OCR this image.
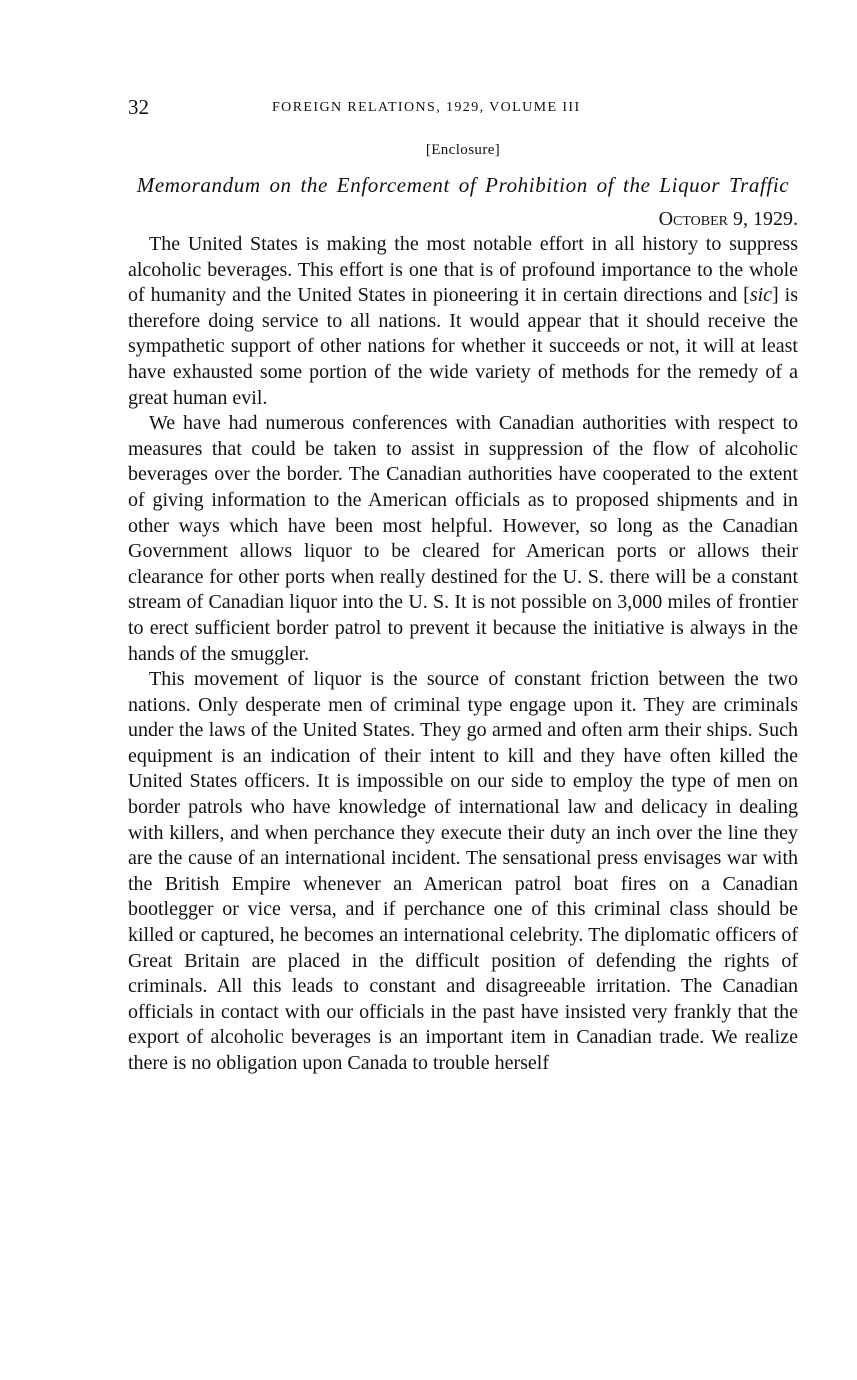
32	FOREIGN RELATIONS, 1929, VOLUME III
[Enclosure]
Memorandum on the Enforcement of Prohibition of the Liquor Traffic
October 9, 1929.

The United States is making the most notable effort in all history to suppress alcoholic beverages. This effort is one that is of profound importance to the whole of humanity and the United States in pioneering it in certain directions and [sic] is therefore doing service to all nations. It would appear that it should receive the sympathetic support of other nations for whether it succeeds or not, it will at least have exhausted some portion of the wide variety of methods for the remedy of a great human evil.

We have had numerous conferences with Canadian authorities with respect to measures that could be taken to assist in suppression of the flow of alcoholic beverages over the border. The Canadian authorities have cooperated to the extent of giving information to the American officials as to proposed shipments and in other ways which have been most helpful. However, so long as the Canadian Government allows liquor to be cleared for American ports or allows their clearance for other ports when really destined for the U. S. there will be a constant stream of Canadian liquor into the U. S. It is not possible on 3,000 miles of frontier to erect sufficient border patrol to prevent it because the initiative is always in the hands of the smuggler.

This movement of liquor is the source of constant friction between the two nations. Only desperate men of criminal type engage upon it. They are criminals under the laws of the United States. They go armed and often arm their ships. Such equipment is an indication of their intent to kill and they have often killed the United States officers. It is impossible on our side to employ the type of men on border patrols who have knowledge of international law and delicacy in dealing with killers, and when perchance they execute their duty an inch over the line they are the cause of an international incident. The sensational press envisages war with the British Empire whenever an American patrol boat fires on a Canadian bootlegger or vice versa, and if perchance one of this criminal class should be killed or captured, he becomes an international celebrity. The diplomatic officers of Great Britain are placed in the difficult position of defending the rights of criminals. All this leads to constant and disagreeable irritation. The Canadian officials in contact with our officials in the past have insisted very frankly that the export of alcoholic beverages is an important item in Canadian trade. We realize there is no obligation upon Canada to trouble herself
